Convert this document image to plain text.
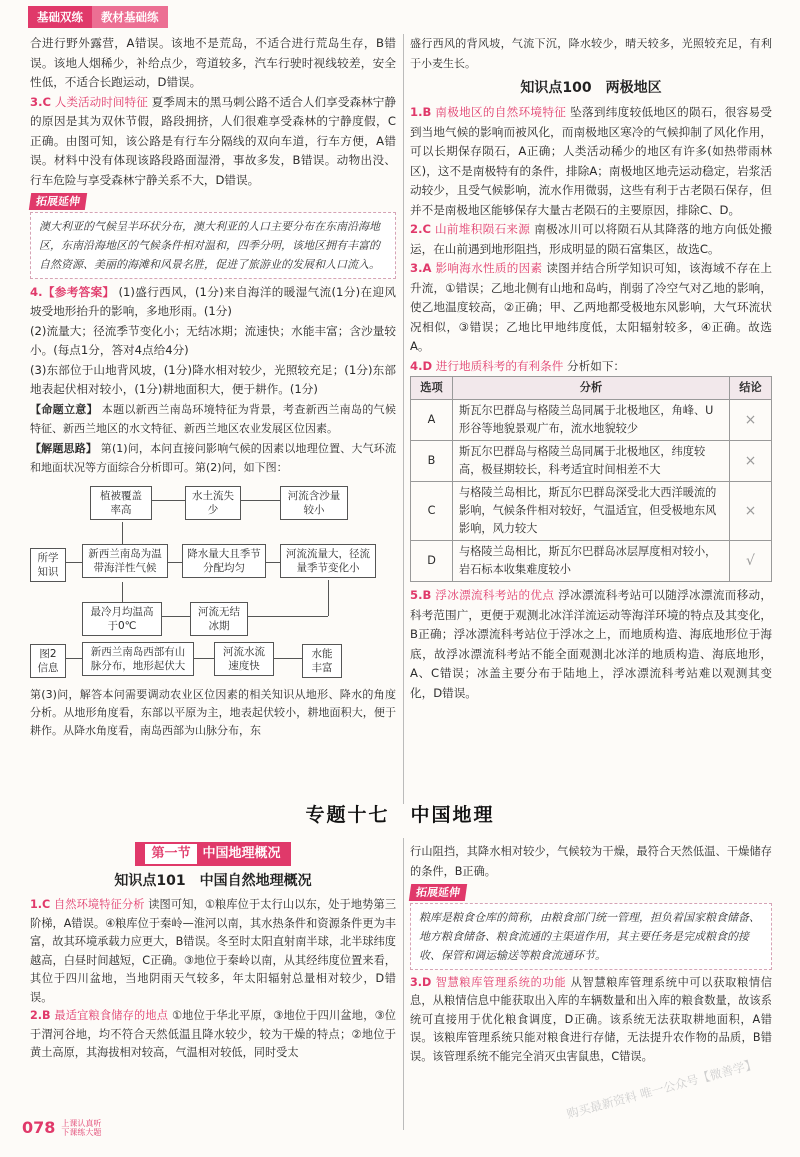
基础双练	教材基础练

合进行野外露营，A错误。该地不是荒岛，不适合进行荒岛生存，B错误。该地人烟稀少，补给点少，弯道较多，汽车行驶时视线较差，安全性低，不适合长跑运动，D错误。

3.C 人类活动时间特征 夏季周末的黑马刺公路不适合人们享受森林宁静的原因是其为双休节假，路段拥挤，人们很难享受森林的宁静度假，C正确。由图可知，该公路是有行车分隔线的双向车道，行车方便，A错误。材料中没有体现该路段路面湿滑，事故多发，B错误。动物出没、行车危险与享受森林宁静关系不大，D错误。

拓展延伸
澳大利亚的气候呈半环状分布，澳大利亚的人口主要分布在东南沿海地区，东南沿海地区的气候条件相对温和，四季分明，该地区拥有丰富的自然资源、美丽的海滩和风景名胜，促进了旅游业的发展和人口流入。

4.【参考答案】 (1)盛行西风，(1分)来自海洋的暖湿气流(1分)在迎风坡受地形抬升的影响，多地形雨。(1分)

(2)流量大；径流季节变化小；无结冰期；流速快；水能丰富；含沙量较小。(每点1分，答对4点给4分)

(3)东部位于山地背风坡，(1分)降水相对较少，光照较充足；(1分)东部地表起伏相对较小，(1分)耕地面积大，便于耕作。(1分)

【命题立意】 本题以新西兰南岛环境特征为背景，考查新西兰南岛的气候特征、新西兰地区的水文特征、新西兰地区农业发展区位因素。

【解题思路】 第(1)问，本问直接问影响气候的因素以地理位置、大气环流和地面状况等方面综合分析即可。第(2)问，如下图：

植被覆盖率高
水土流失少
河流含沙量较小
所学知识
新西兰南岛为温带海洋性气候
降水量大且季节分配均匀
河流流量大，径流量季节变化小
最冷月均温高于0℃
河流无结冰期
图2信息
新西兰南岛西部有山脉分布，地形起伏大
河流水流速度快
水能丰富

第(3)问，解答本问需要调动农业区位因素的相关知识从地形、降水的角度分析。从地形角度看，东部以平原为主，地表起伏较小，耕地面积大，便于耕作。从降水角度看，南岛西部为山脉分布，东

盛行西风的背风坡，气流下沉，降水较少，晴天较多，光照较充足，有利于小麦生长。

知识点100　两极地区

1.B 南极地区的自然环境特征 坠落到纬度较低地区的陨石，很容易受到当地气候的影响而被风化，而南极地区寒冷的气候抑制了风化作用，可以长期保存陨石，A正确；人类活动稀少的地区有许多(如热带雨林区)，这不是南极特有的条件，排除A；南极地区地壳运动稳定，岩浆活动较少，且受气候影响，流水作用微弱，这些有利于古老陨石保存，但并不是南极地区能够保存大量古老陨石的主要原因，排除C、D。

2.C 山前堆积陨石来源 南极冰川可以将陨石从其降落的地方向低处搬运，在山前遇到地形阻挡，形成明显的陨石富集区，故选C。

3.A 影响海水性质的因素 读图并结合所学知识可知，该海域不存在上升流，①错误；乙地北侧有山地和岛屿，削弱了冷空气对乙地的影响，使乙地温度较高，②正确；甲、乙两地都受极地东风影响，大气环流状况相似，③错误；乙地比甲地纬度低，太阳辐射较多，④正确。故选A。

4.D 进行地质科考的有利条件 分析如下：

选项	分析	结论
A	斯瓦尔巴群岛与格陵兰岛同属于北极地区，角峰、U形谷等地貌景观广布，流水地貌较少	×
B	斯瓦尔巴群岛与格陵兰岛同属于北极地区，纬度较高，极昼期较长，科考适宜时间相差不大	×
C	与格陵兰岛相比，斯瓦尔巴群岛深受北大西洋暖流的影响，气候条件相对较好，气温适宜，但受极地东风影响，风力较大	×
D	与格陵兰岛相比，斯瓦尔巴群岛冰层厚度相对较小，岩石标本收集难度较小	√

5.B 浮冰漂流科考站的优点 浮冰漂流科考站可以随浮冰漂流而移动，科考范围广，更便于观测北冰洋洋流运动等海洋环境的特点及其变化，B正确；浮冰漂流科考站位于浮冰之上，而地质构造、海底地形位于海底，故浮冰漂流科考站不能全面观测北冰洋的地质构造、海底地形，A、C错误；冰盖主要分布于陆地上，浮冰漂流科考站难以观测其变化，D错误。

专题十七　中国地理
第一节 中国地理概况
知识点101　中国自然地理概况

1.C 自然环境特征分析 读图可知，①粮库位于太行山以东，处于地势第三阶梯，A错误。④粮库位于秦岭—淮河以南，其水热条件和资源条件更为丰富，故其环境承载力应更大，B错误。冬至时太阳直射南半球，北半球纬度越高，白昼时间越短，C正确。③地位于秦岭以南，从其经纬度位置来看，其位于四川盆地，当地阴雨天气较多，年太阳辐射总量相对较少，D错误。

2.B 最适宜粮食储存的地点 ①地位于华北平原，③地位于四川盆地，③位于渭河谷地，均不符合天然低温且降水较少，较为干燥的特点；②地位于黄土高原，其海拔相对较高，气温相对较低，同时受太

行山阻挡，其降水相对较少，气候较为干燥，最符合天然低温、干燥储存的条件，B正确。

拓展延伸
粮库是粮食仓库的简称，由粮食部门统一管理，担负着国家粮食储备、地方粮食储备、粮食流通的主渠道作用，其主要任务是完成粮食的接收、保管和调运输送等粮食流通环节。

3.D 智慧粮库管理系统的功能 从智慧粮库管理系统中可以获取粮情信息，从粮情信息中能获取出入库的车辆数量和出入库的粮食数量，故该系统可直接用于优化粮食调度，D正确。该系统无法获取耕地面积，A错误。该粮库管理系统只能对粮食进行存储，无法提升农作物的品质，B错误。该管理系统不能完全消灭虫害鼠患，C错误。

购买最新资料 唯一公众号【微善学】
078 上课认真听
下课练大题
